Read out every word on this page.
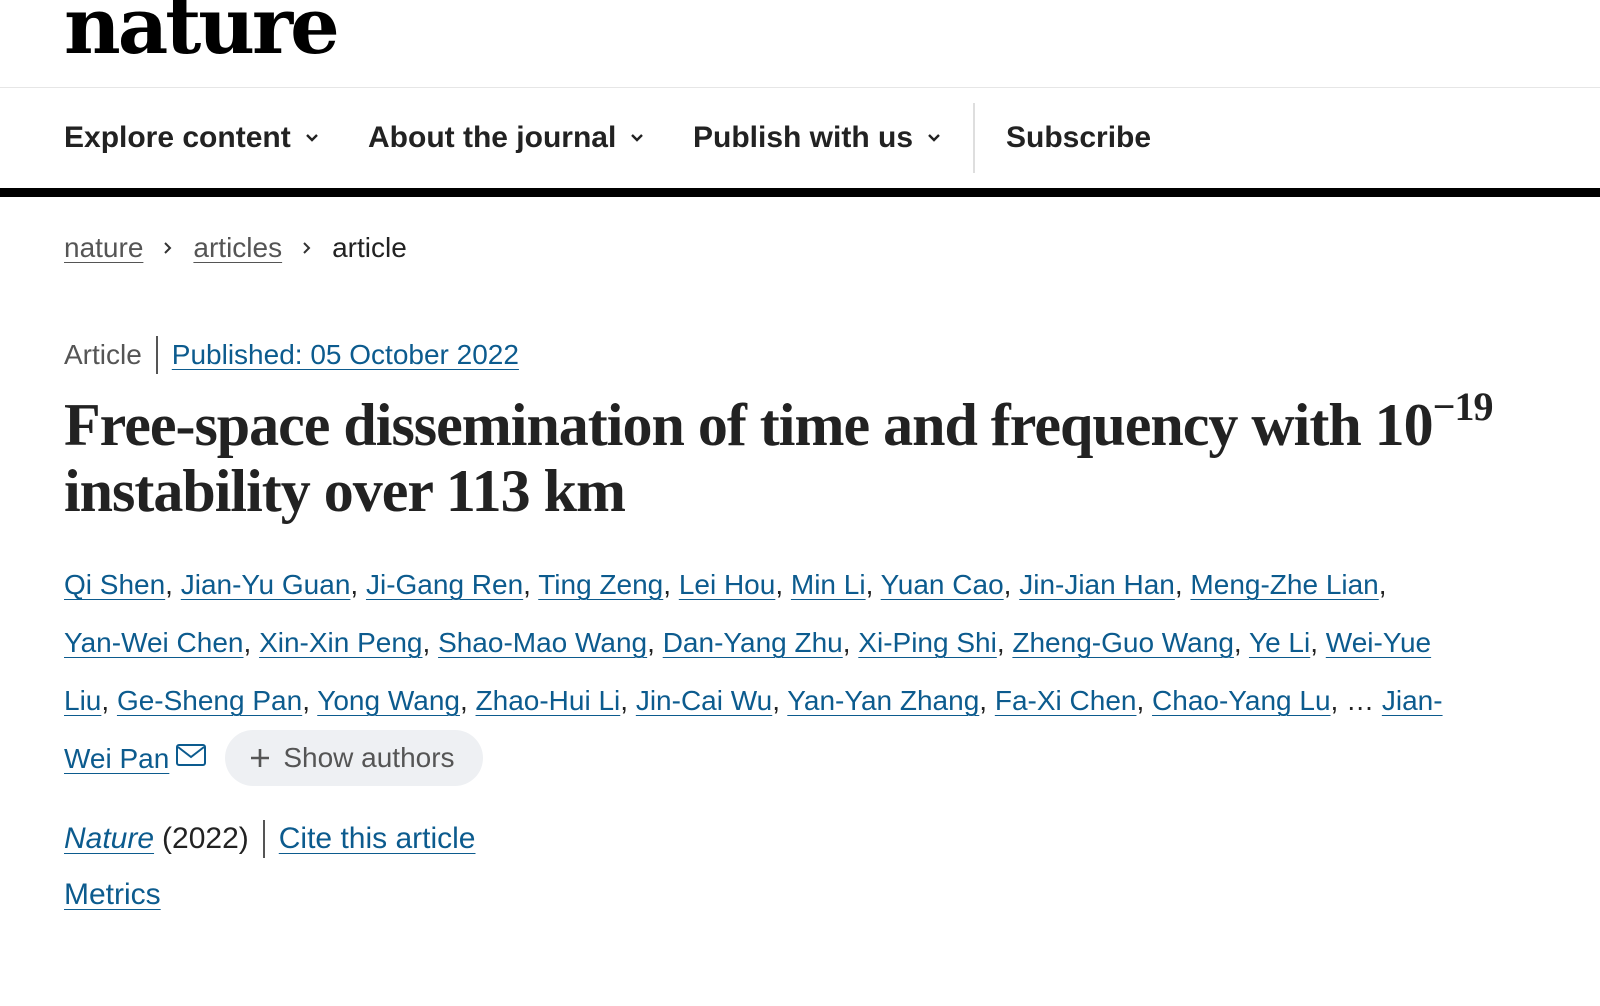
nature
Explore content	About the journal	Publish with us	Subscribe
nature articles article
Article Published: 05 October 2022
Free-space dissemination of time and frequency with $10^{-19}$ instability over 113 km
Qi Shen, Jian-Yu Guan, Ji-Gang Ren, Ting Zeng, Lei Hou, Min Li, Yuan Cao, Jin-Jian Han, Meng-Zhe Lian, Yan-Wei Chen, Xin-Xin Peng, Shao-Mao Wang, Dan-Yang Zhu, Xi-Ping Shi, Zheng-Guo Wang, Ye Li, Wei-Yue Liu, Ge-Sheng Pan, Yong Wang, Zhao-Hui Li, Jin-Cai Wu, Yan-Yan Zhang, Fa-Xi Chen, Chao-Yang Lu, … Jian-Wei Pan	Show authors
Nature (2022) Cite this article
Metrics
